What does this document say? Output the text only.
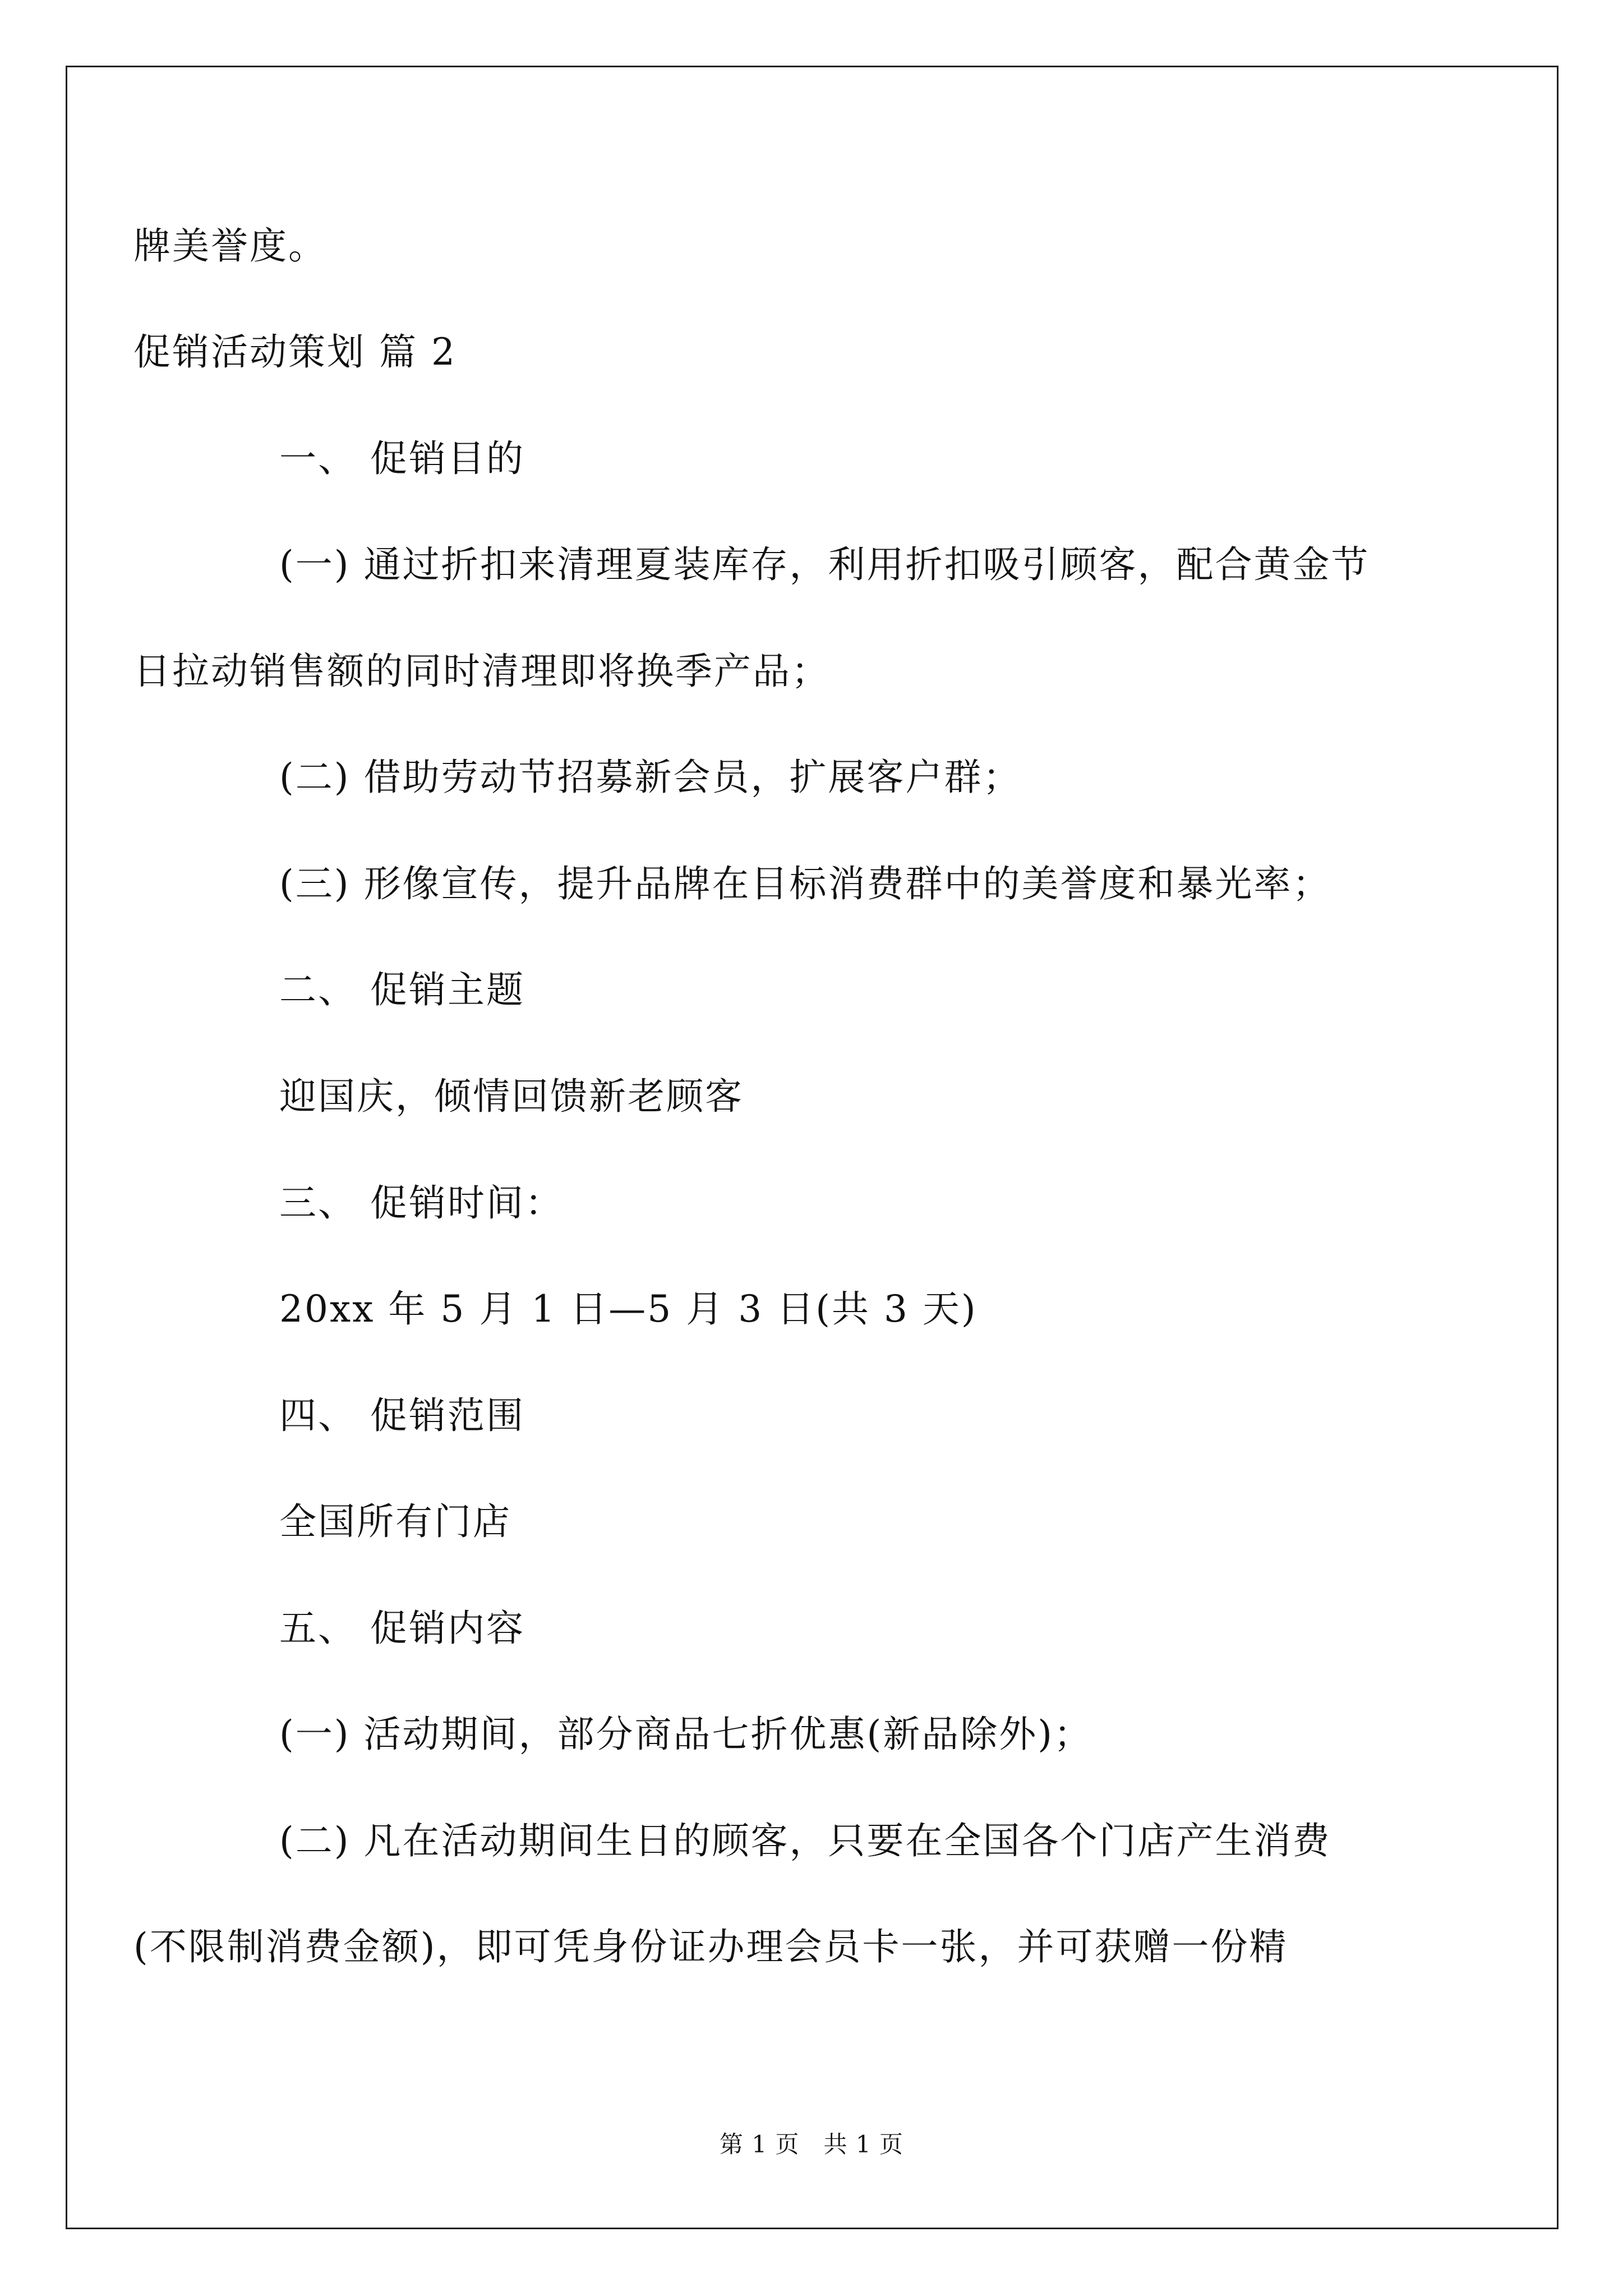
牌美誉度。
促销活动策划 篇 2
一、 促销目的
(一) 通过折扣来清理夏装库存，利用折扣吸引顾客，配合黄金节
日拉动销售额的同时清理即将换季产品；
(二) 借助劳动节招募新会员，扩展客户群；
(三) 形像宣传，提升品牌在目标消费群中的美誉度和暴光率；
二、 促销主题
迎国庆，倾情回馈新老顾客
三、 促销时间：
20xx 年 5 月 1 日—5 月 3 日(共 3 天)
四、 促销范围
全国所有门店
五、 促销内容
(一) 活动期间，部分商品七折优惠(新品除外)；
(二) 凡在活动期间生日的顾客，只要在全国各个门店产生消费
(不限制消费金额)，即可凭身份证办理会员卡一张，并可获赠一份精
第 1 页   共 1 页
